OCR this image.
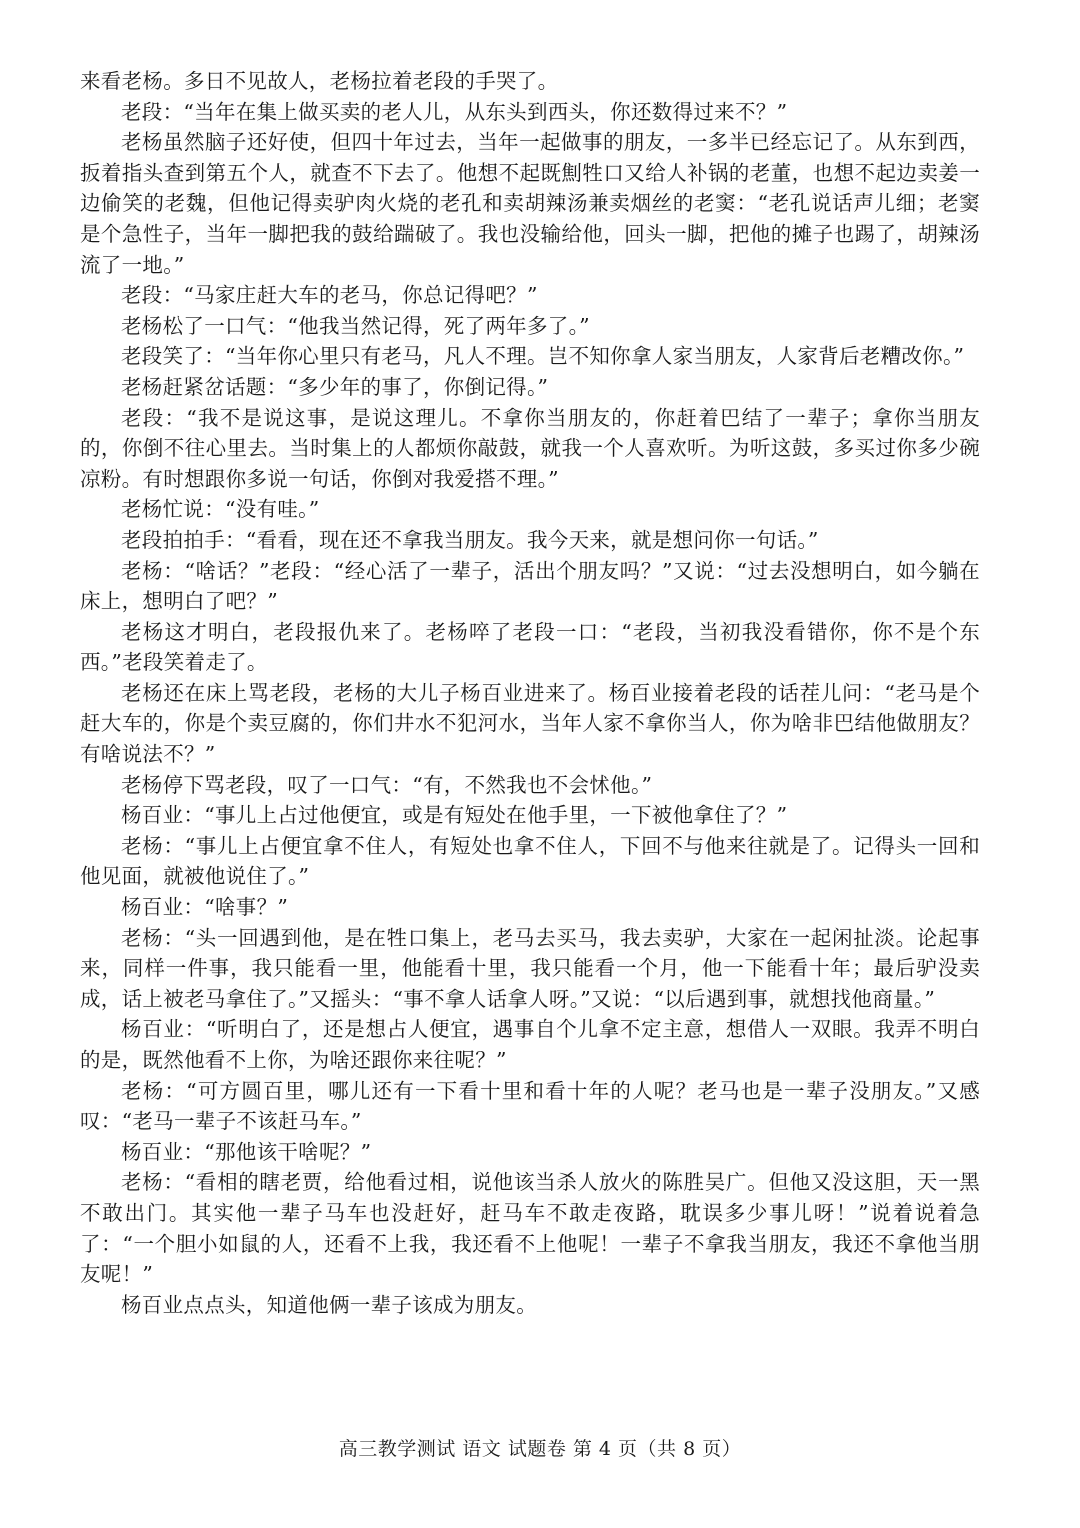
来看老杨。多日不见故人，老杨拉着老段的手哭了。

老段：“当年在集上做买卖的老人儿，从东头到西头，你还数得过来不？”

老杨虽然脑子还好使，但四十年过去，当年一起做事的朋友，一多半已经忘记了。从东到西，扳着指头查到第五个人，就查不下去了。他想不起既劁牲口又给人补锅的老董，也想不起边卖姜一边偷笑的老魏，但他记得卖驴肉火烧的老孔和卖胡辣汤兼卖烟丝的老窦：“老孔说话声儿细；老窦是个急性子，当年一脚把我的鼓给踹破了。我也没输给他，回头一脚，把他的摊子也踢了，胡辣汤流了一地。”

老段：“马家庄赶大车的老马，你总记得吧？”

老杨松了一口气：“他我当然记得，死了两年多了。”

老段笑了：“当年你心里只有老马，凡人不理。岂不知你拿人家当朋友，人家背后老糟改你。”

老杨赶紧岔话题：“多少年的事了，你倒记得。”

老段：“我不是说这事，是说这理儿。不拿你当朋友的，你赶着巴结了一辈子；拿你当朋友的，你倒不往心里去。当时集上的人都烦你敲鼓，就我一个人喜欢听。为听这鼓，多买过你多少碗凉粉。有时想跟你多说一句话，你倒对我爱搭不理。”

老杨忙说：“没有哇。”

老段拍拍手：“看看，现在还不拿我当朋友。我今天来，就是想问你一句话。”

老杨：“啥话？”老段：“经心活了一辈子，活出个朋友吗？”又说：“过去没想明白，如今躺在床上，想明白了吧？”

老杨这才明白，老段报仇来了。老杨啐了老段一口：“老段，当初我没看错你，你不是个东西。”老段笑着走了。

老杨还在床上骂老段，老杨的大儿子杨百业进来了。杨百业接着老段的话茬儿问：“老马是个赶大车的，你是个卖豆腐的，你们井水不犯河水，当年人家不拿你当人，你为啥非巴结他做朋友？有啥说法不？”

老杨停下骂老段，叹了一口气：“有，不然我也不会怵他。”

杨百业：“事儿上占过他便宜，或是有短处在他手里，一下被他拿住了？”

老杨：“事儿上占便宜拿不住人，有短处也拿不住人，下回不与他来往就是了。记得头一回和他见面，就被他说住了。”

杨百业：“啥事？”

老杨：“头一回遇到他，是在牲口集上，老马去买马，我去卖驴，大家在一起闲扯淡。论起事来，同样一件事，我只能看一里，他能看十里，我只能看一个月，他一下能看十年；最后驴没卖成，话上被老马拿住了。”又摇头：“事不拿人话拿人呀。”又说：“以后遇到事，就想找他商量。”

杨百业：“听明白了，还是想占人便宜，遇事自个儿拿不定主意，想借人一双眼。我弄不明白的是，既然他看不上你，为啥还跟你来往呢？”

老杨：“可方圆百里，哪儿还有一下看十里和看十年的人呢？老马也是一辈子没朋友。”又感叹：“老马一辈子不该赶马车。”

杨百业：“那他该干啥呢？”

老杨：“看相的瞎老贾，给他看过相，说他该当杀人放火的陈胜吴广。但他又没这胆，天一黑不敢出门。其实他一辈子马车也没赶好，赶马车不敢走夜路，耽误多少事儿呀！”说着说着急了：“一个胆小如鼠的人，还看不上我，我还看不上他呢！一辈子不拿我当朋友，我还不拿他当朋友呢！”

杨百业点点头，知道他俩一辈子该成为朋友。

高三教学测试 语文 试题卷 第 4 页（共 8 页）
